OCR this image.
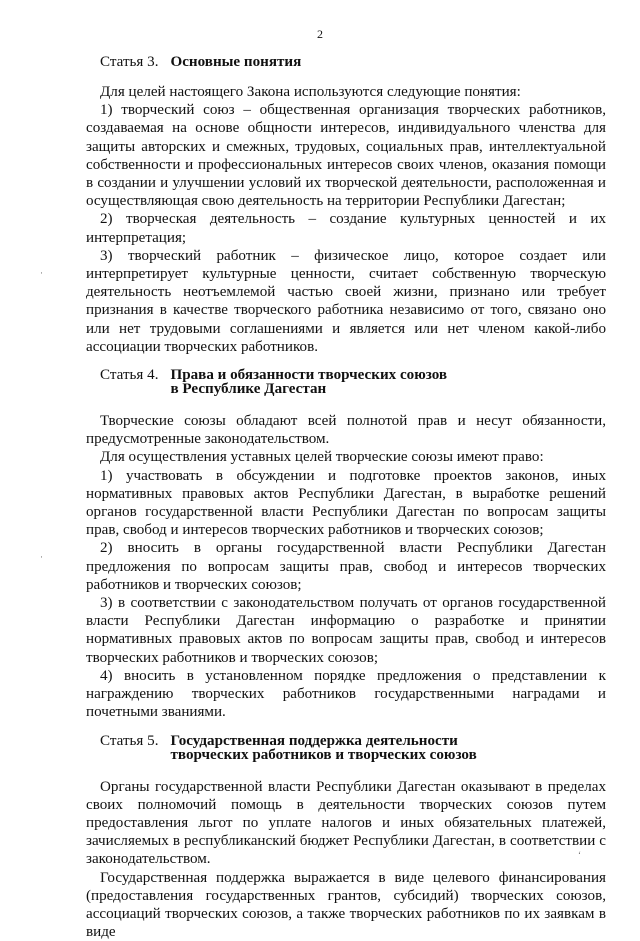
2
Статья 3. Основные понятия

Для целей настоящего Закона используются следующие понятия:

1) творческий союз – общественная организация творческих работников, создаваемая на основе общности интересов, индивидуального членства для защиты авторских и смежных, трудовых, социальных прав, интеллектуальной собственности и профессиональных интересов своих членов, оказания помощи в создании и улучшении условий их творческой деятельности, расположенная и осуществляющая свою деятельность на территории Республики Дагестан;

2) творческая деятельность – создание культурных ценностей и их интерпретация;

3) творческий работник – физическое лицо, которое создает или интерпретирует культурные ценности, считает собственную творческую деятельность неотъемлемой частью своей жизни, признано или требует признания в качестве творческого работника независимо от того, связано оно или нет трудовыми соглашениями и является или нет членом какой-либо ассоциации творческих работников.

Статья 4. Права и обязанности творческих союзов
в Республике Дагестан

Творческие союзы обладают всей полнотой прав и несут обязанности, предусмотренные законодательством.

Для осуществления уставных целей творческие союзы имеют право:

1) участвовать в обсуждении и подготовке проектов законов, иных нормативных правовых актов Республики Дагестан, в выработке решений органов государственной власти Республики Дагестан по вопросам защиты прав, свобод и интересов творческих работников и творческих союзов;

2) вносить в органы государственной власти Республики Дагестан предложения по вопросам защиты прав, свобод и интересов творческих работников и творческих союзов;

3) в соответствии с законодательством получать от органов государственной власти Республики Дагестан информацию о разработке и принятии нормативных правовых актов по вопросам защиты прав, свобод и интересов творческих работников и творческих союзов;

4) вносить в установленном порядке предложения о представлении к награждению творческих работников государственными наградами и почетными званиями.

Статья 5. Государственная поддержка деятельности
творческих работников и творческих союзов

Органы государственной власти Республики Дагестан оказывают в пределах своих полномочий помощь в деятельности творческих союзов путем предоставления льгот по уплате налогов и иных обязательных платежей, зачисляемых в республиканский бюджет Республики Дагестан, в соответствии с законодательством.

Государственная поддержка выражается в виде целевого финансирования (предоставления государственных грантов, субсидий) творческих союзов, ассоциаций творческих союзов, а также творческих работников по их заявкам в виде

·
·
‘
